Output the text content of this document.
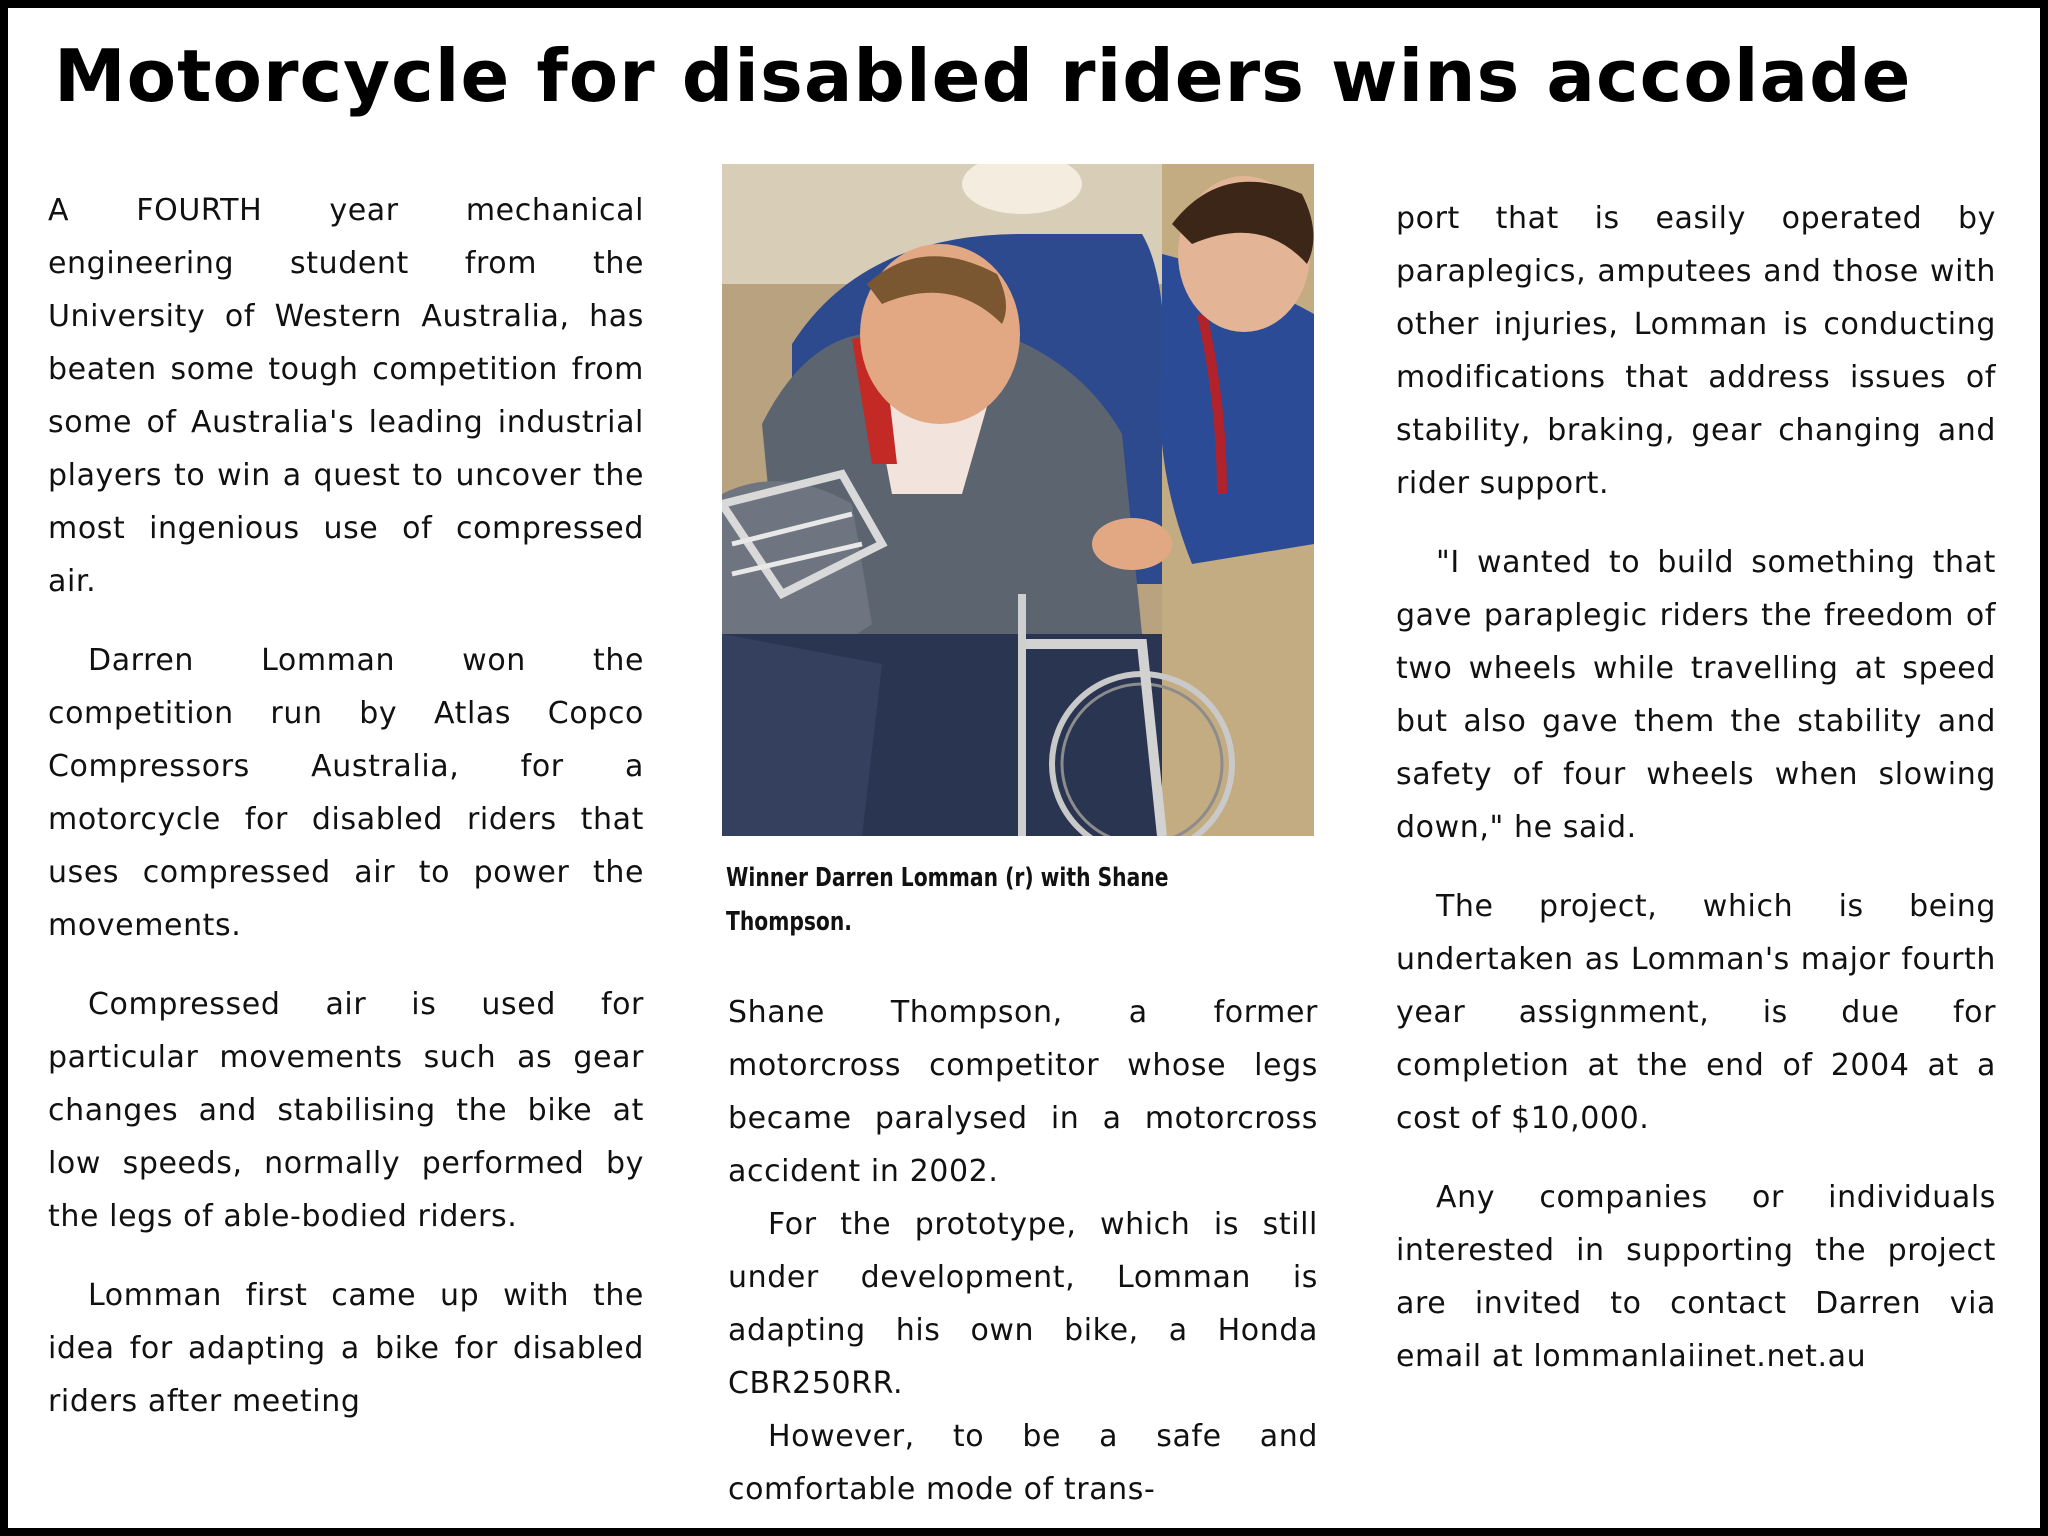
Motorcycle for disabled riders wins accolade

A FOURTH year mechanical engineering student from the University of Western Australia, has beaten some tough competition from some of Australia's leading industrial players to win a quest to uncover the most ingenious use of compressed air.

Darren Lomman won the competition run by Atlas Copco Compressors Australia, for a motorcycle for disabled riders that uses compressed air to power the movements.

Compressed air is used for particular movements such as gear changes and stabilising the bike at low speeds, normally performed by the legs of able-bodied riders.

Lomman first came up with the idea for adapting a bike for disabled riders after meeting

Winner Darren Lomman (r) with Shane Thompson.

Shane Thompson, a former motorcross competitor whose legs became paralysed in a motorcross accident in 2002.

For the prototype, which is still under development, Lomman is adapting his own bike, a Honda CBR250RR.

However, to be a safe and comfortable mode of trans-

port that is easily operated by paraplegics, amputees and those with other injuries, Lomman is conducting modifications that address issues of stability, braking, gear changing and rider support.

"I wanted to build something that gave paraplegic riders the freedom of two wheels while travelling at speed but also gave them the stability and safety of four wheels when slowing down," he said.

The project, which is being undertaken as Lomman's major fourth year assignment, is due for completion at the end of 2004 at a cost of $10,000.

Any companies or individuals interested in supporting the project are invited to contact Darren via email at lommanlaiinet.net.au
